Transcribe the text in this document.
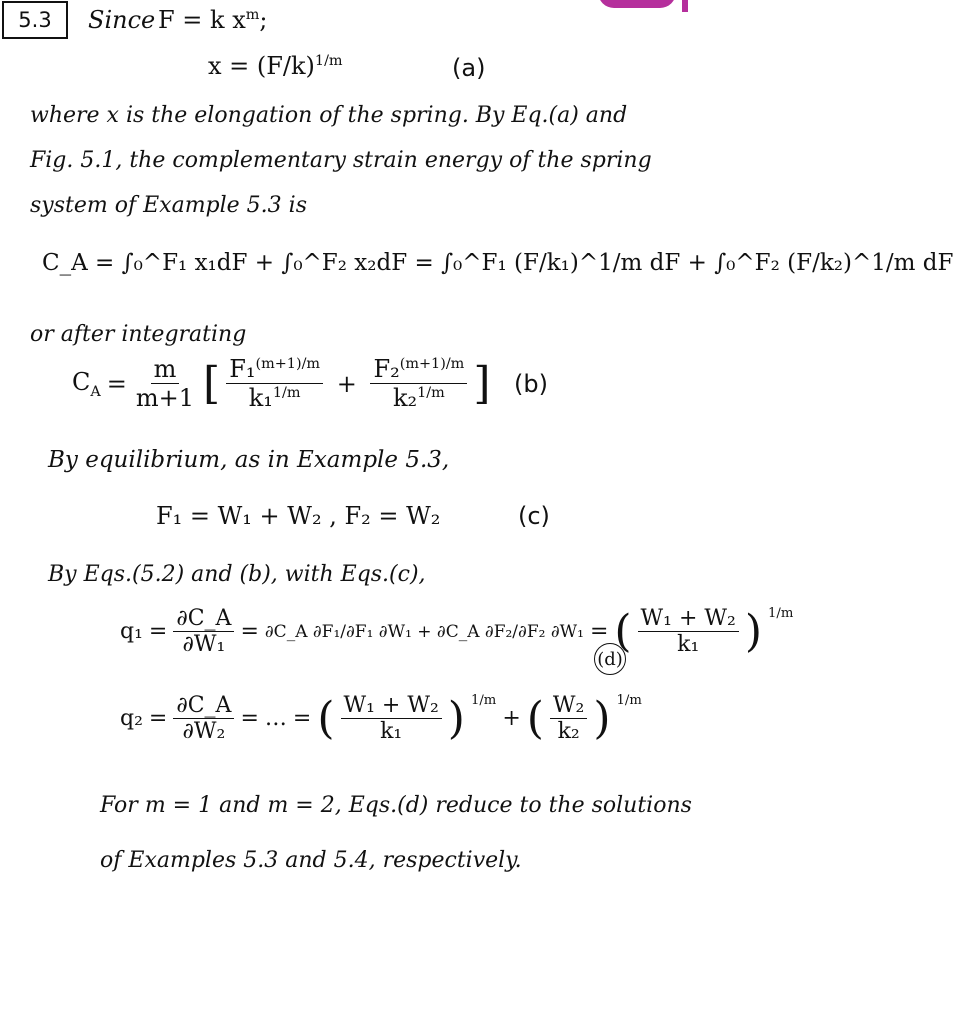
5.3	Since F = k $x^m$;
$x = (F/k)^{1/m}$	(a)
where x is the elongation of the spring. By Eq.(a) and
Fig. 5.1, the complementary strain energy of the spring
system of Example 5.3 is
C_A = ∫₀^F₁ x₁dF + ∫₀^F₂ x₂dF = ∫₀^F₁ (F/k₁)^1/m dF + ∫₀^F₂ (F/k₂)^1/m dF
or after integrating
$C_A = \frac{m}{m+1}$ [ $\frac{F_1^{(m+1)/m}}{k_1^{1/m}} + \frac{F_2^{(m+1)/m}}{k_2^{1/m}}$ ] (b)
By equilibrium, as in Example 5.3,
F₁ = W₁ + W₂ , F₂ = W₂	(c)
By Eqs.(5.2) and (b), with Eqs.(c),
$q_1 = \frac{\partial C\_A}{\text{∂W₁}}$ = ∂C_A ∂F₁/∂F₁ ∂W₁ + ∂C_A ∂F₂/∂F₂ ∂W₁ = ( $\frac{\text{W₁ + W₂}}{\text{k₁}}$ ) $^{1/m}$
(d)
$q_2 = \frac{\partial C\_A}{\text{∂W₂}}$ = … = ( $\frac{\text{W₁ + W₂}}{\text{k₁}}$ ) $^{1/m}$
+ ( $\frac{\text{W₂}}{\text{k₂}}$ ) $^{1/m}$
For m = 1 and m = 2, Eqs.(d) reduce to the solutions
of Examples 5.3 and 5.4, respectively.
